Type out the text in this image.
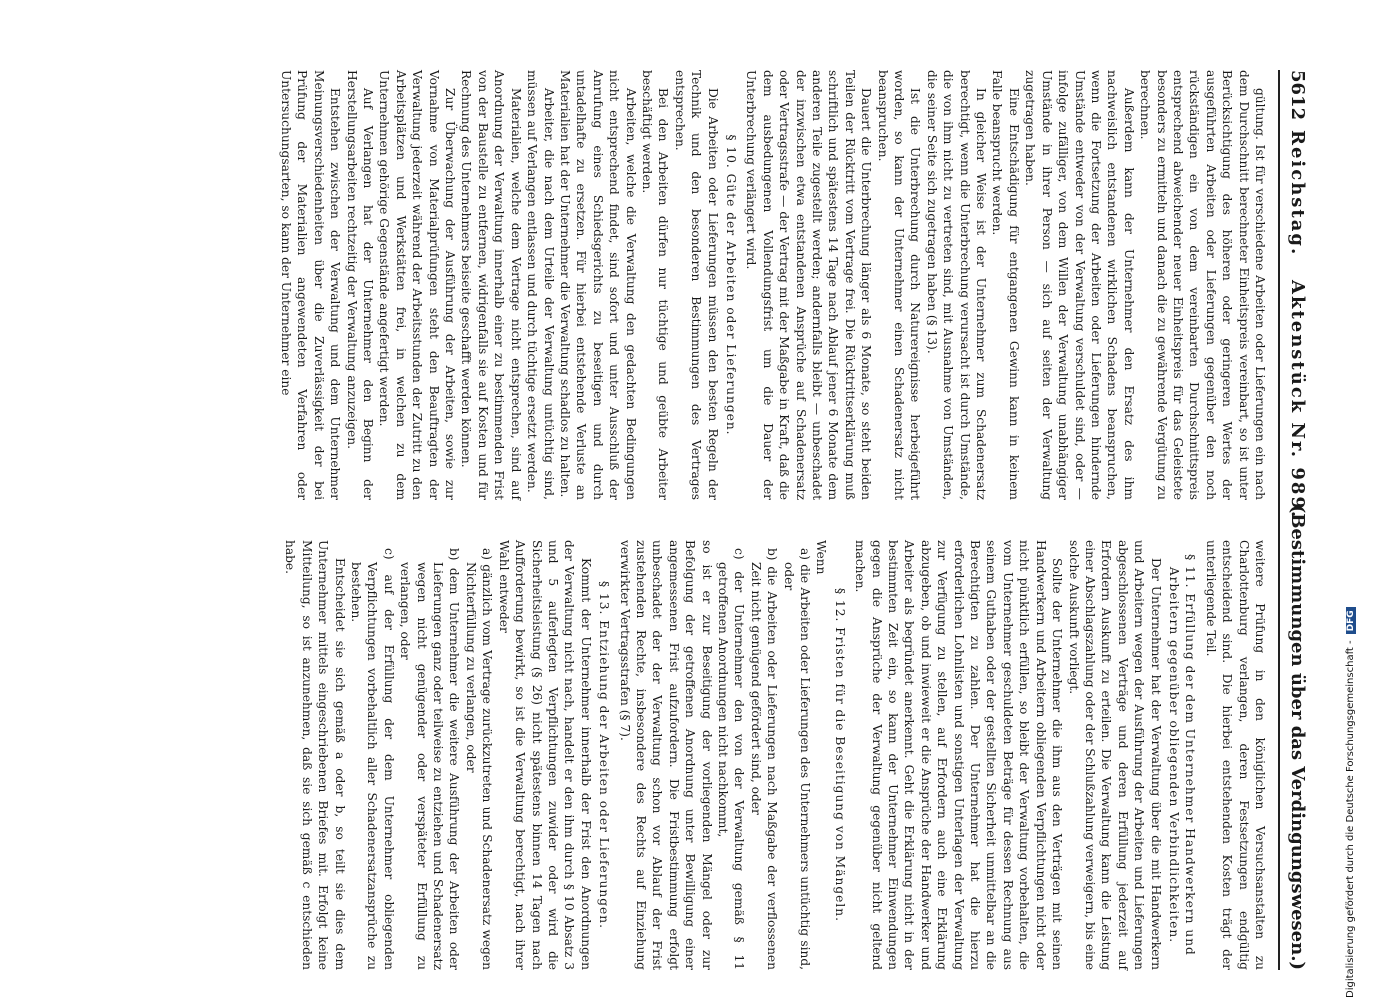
5612
Reichstag.
Aktenstück Nr. 989.
(Bestimmungen über das Verdingungswesen.)

gültung. Ist für verschiedene Arbeiten oder Lieferungen ein nach dem Durchschnitt berechneter Einheitspreis vereinbart, so ist unter Berücksichtigung des höheren oder geringeren Wertes der ausgeführten Arbeiten oder Lieferungen gegenüber den noch rückständigen ein von dem vereinbarten Durchschnittspreis entsprechend abweichender neuer Einheitspreis für das Geleistete besonders zu ermitteln und danach die zu gewährende Vergütung zu berechnen.

Außerdem kann der Unternehmer den Ersatz des ihm nachweislich entstandenen wirklichen Schadens beanspruchen, wenn die Fortsetzung der Arbeiten oder Lieferungen hindernde Umstände entweder von der Verwaltung verschuldet sind, oder — infolge zufälliger, von dem Willen der Verwaltung unabhängiger Umstände in ihrer Person — sich auf seiten der Verwaltung zugetragen haben.

Eine Entschädigung für entgangenen Gewinn kann in keinem Falle beansprucht werden.

In gleicher Weise ist der Unternehmer zum Schadenersatz berechtigt, wenn die Unterbrechung verursacht ist durch Umstände, die von ihm nicht zu vertreten sind, mit Ausnahme von Umständen, die seiner Seite sich zugetragen haben (§ 13).

Ist die Unterbrechung durch Naturereignisse herbeigeführt worden, so kann der Unternehmer einen Schadenersatz nicht beanspruchen.

Dauert die Unterbrechung länger als 6 Monate, so steht beiden Teilen der Rücktritt vom Vertrage frei. Die Rücktrittserklärung muß schriftlich und spätestens 14 Tage nach Ablauf jener 6 Monate dem anderen Teile zugestellt werden; andernfalls bleibt — unbeschadet der inzwischen etwa entstandenen Ansprüche auf Schadenersatz oder Vertragsstrafe — der Vertrag mit der Maßgabe in Kraft, daß die dem ausbedungenen Vollendungsfrist um die Dauer der Unterbrechung verlängert wird.

§ 10. Güte der Arbeiten oder Lieferungen.

Die Arbeiten oder Lieferungen müssen den besten Regeln der Technik und den besonderen Bestimmungen des Vertrages entsprechen.

Bei den Arbeiten dürfen nur tüchtige und geübte Arbeiter beschäftigt werden.

Arbeiten, welche die Verwaltung den gedachten Bedingungen nicht entsprechend findet, sind sofort und unter Ausschluß der Anrufung eines Schiedsgerichts zu beseitigen und durch untadelhafte zu ersetzen. Für hierbei entstehende Verluste an Materialien hat der Unternehmer die Verwaltung schadlos zu halten.

Arbeiter, die nach dem Urteile der Verwaltung untüchtig sind, müssen auf Verlangen entlassen und durch tüchtige ersetzt werden.

Materialien, welche dem Vertrage nicht entsprechen, sind auf Anordnung der Verwaltung innerhalb einer zu bestimmenden Frist von der Baustelle zu entfernen, widrigenfalls sie auf Kosten und für Rechnung des Unternehmers beiseite geschafft werden können.

Zur Überwachung der Ausführung der Arbeiten, sowie zur Vornahme von Materialprüfungen steht den Beauftragten der Verwaltung jederzeit während der Arbeitsstunden der Zutritt zu den Arbeitsplätzen und Werkstätten frei, in welchen zu dem Unternehmen gehörige Gegenstände angefertigt werden.

Auf Verlangen hat der Unternehmer den Beginn der Herstellungsarbeiten rechtzeitig der Verwaltung anzuzeigen.

Entstehen zwischen der Verwaltung und dem Unternehmer Meinungsverschiedenheiten über die Zuverlässigkeit der bei Prüfung der Materialien angewendeten Verfahren oder Untersuchungsarten, so kann der Unternehmer eine

weitere Prüfung in den königlichen Versuchsanstalten zu Charlottenburg verlangen, deren Festsetzungen endgültig entscheidend sind. Die hierbei entstehenden Kosten trägt der unterliegende Teil.

§ 11. Erfüllung der dem Unternehmer Handwerkern und Arbeitern gegenüber obliegenden Verbindlichkeiten.

Der Unternehmer hat der Verwaltung über die mit Handwerkern und Arbeitern wegen der Ausführung der Arbeiten und Lieferungen abgeschlossenen Verträge und deren Erfüllung jederzeit auf Erfordern Auskunft zu erteilen. Die Verwaltung kann die Leistung einer Abschlagszahlung oder der Schlußzahlung verweigern, bis eine solche Auskunft vorliegt.

Sollte der Unternehmer die ihm aus den Verträgen mit seinen Handwerkern und Arbeitern obliegenden Verpflichtungen nicht oder nicht pünktlich erfüllen, so bleibt der Verwaltung vorbehalten, die vom Unternehmer geschuldeten Beträge für dessen Rechnung aus seinem Guthaben oder der gestellten Sicherheit unmittelbar an die Berechtigten zu zahlen. Der Unternehmer hat die hierzu erforderlichen Lohnlisten und sonstigen Unterlagen der Verwaltung zur Verfügung zu stellen, auf Erfordern auch eine Erklärung abzugeben, ob und inwieweit er die Ansprüche der Handwerker und Arbeiter als begründet anerkennt. Geht die Erklärung nicht in der bestimmten Zeit ein, so kann der Unternehmer Einwendungen gegen die Ansprüche der Verwaltung gegenüber nicht geltend machen.

§ 12. Fristen für die Beseitigung von Mängeln.

Wenn

a) die Arbeiten oder Lieferungen des Unternehmers untüchtig sind, oder

b) die Arbeiten oder Lieferungen nach Maßgabe der verflossenen Zeit nicht genügend gefördert sind, oder

c) der Unternehmer den von der Verwaltung gemäß § 11 getroffenen Anordnungen nicht nachkommt,

so ist er zur Beseitigung der vorliegenden Mängel oder zur Befolgung der getroffenen Anordnung unter Bewilligung einer angemessenen Frist aufzufordern. Die Fristbestimmung erfolgt unbeschadet der der Verwaltung schon vor Ablauf der Frist zustehenden Rechte, insbesondere des Rechts auf Einziehung verwirkter Vertragsstrafen (§ 7).

§ 13. Entziehung der Arbeiten oder Lieferungen.

Kommt der Unternehmer innerhalb der Frist den Anordnungen der Verwaltung nicht nach, handelt er den ihm durch § 10 Absatz 3 und 5 auferlegten Verpflichtungen zuwider oder wird die Sicherheitsleistung (§ 26) nicht spätestens binnen 14 Tagen nach Aufforderung bewirkt, so ist die Verwaltung berechtigt, nach ihrer Wahl entweder

a) gänzlich vom Vertrage zurückzutreten und Schadenersatz wegen Nichterfüllung zu verlangen, oder

b) dem Unternehmer die weitere Ausführung der Arbeiten oder Lieferungen ganz oder teilweise zu entziehen und Schadenersatz wegen nicht genügender oder verspäteter Erfüllung zu verlangen, oder

c) auf der Erfüllung der dem Unternehmer obliegenden Verpflichtungen vorbehaltlich aller Schadenersatzansprüche zu bestehen.

Entscheidet sie sich gemäß a oder b, so teilt sie dies dem Unternehmer mittels eingeschriebenen Briefes mit. Erfolgt keine Mitteilung, so ist anzunehmen, daß sie sich gemäß c entschieden habe.

Digitalisierung gefördert durch die Deutsche Forschungsgemeinschaft -DFG
